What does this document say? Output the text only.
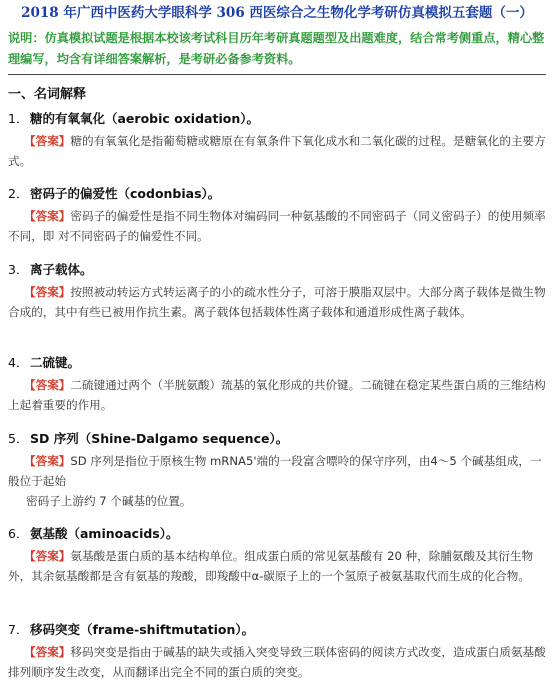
2018 年广西中医药大学眼科学 306 西医综合之生物化学考研仿真模拟五套题（一）
说明：仿真模拟试题是根据本校该考试科目历年考研真题题型及出题难度，结合常考侧重点，精心整理编写，均含有详细答案解析，是考研必备参考资料。
一、名词解释
1． 糖的有氧氧化（aerobic oxidation）。
【答案】糖的有氧氧化是指葡萄糖或糖原在有氧条件下氧化成水和二氧化碳的过程。是糖氧化的主要方式。
2． 密码子的偏爱性（codonbias）。
【答案】密码子的偏爱性是指不同生物体对编码同一种氨基酸的不同密码子（同义密码子）的使用频率不同，即 对不同密码子的偏爱性不同。
3． 离子载体。
【答案】按照被动转运方式转运离子的小的疏水性分子，可溶于膜脂双层中。大部分离子载体是微生物合成的，其中有些已被用作抗生素。离子载体包括载体性离子载体和通道形成性离子载体。
4． 二硫键。
【答案】二硫键通过两个（半胱氨酸）巯基的氧化形成的共价键。二硫键在稳定某些蛋白质的三维结构上起着重要的作用。
5． SD 序列（Shine-Dalgamo sequence）。
【答案】SD 序列是指位于原核生物 mRNA5'端的一段富含嘌呤的保守序列，由4～5 个碱基组成，一般位于起始
密码子上游约 7 个碱基的位置。
6． 氨基酸（aminoacids）。
【答案】氨基酸是蛋白质的基本结构单位。组成蛋白质的常见氨基酸有 20 种，除脯氨酸及其衍生物外，其余氨基酸都是含有氨基的羧酸，即羧酸中α-碳原子上的一个氢原子被氨基取代而生成的化合物。
7． 移码突变（frame-shiftmutation）。
【答案】移码突变是指由于碱基的缺失或插入突变导致三联体密码的阅读方式改变，造成蛋白质氨基酸排列顺序发生改变，从而翻译出完全不同的蛋白质的突变。
